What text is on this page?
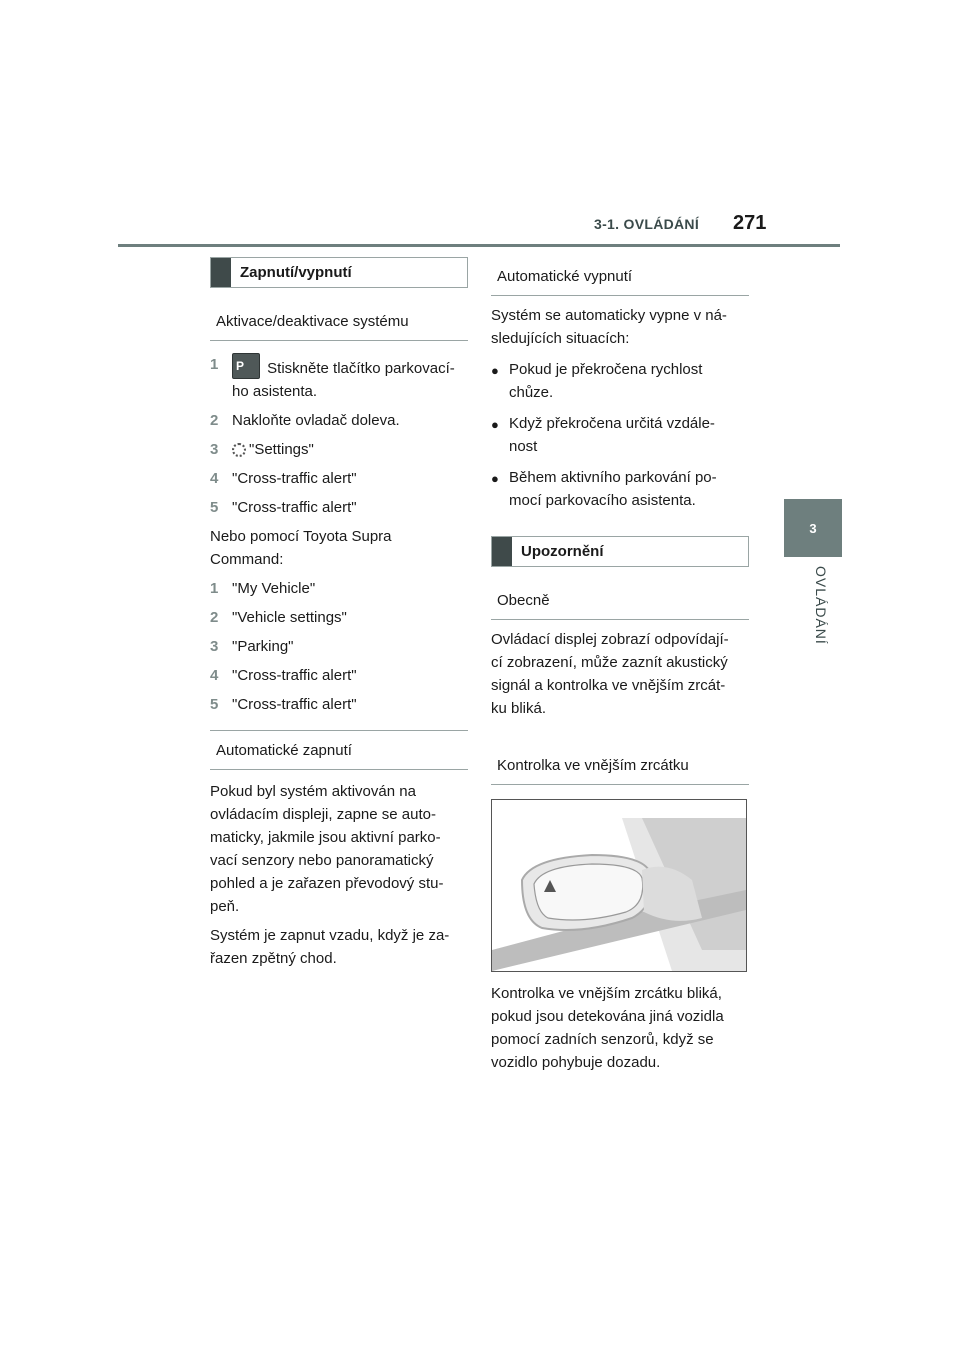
3-1. OVLÁDÁNÍ 271
3
OVLÁDÁNÍ
Zapnutí/vypnutí
Aktivace/deaktivace systému
1	P Stiskněte tlačítko parkovací-
ho asistenta.
2 Nakloňte ovladač doleva.
3	"Settings"
4 "Cross-traffic alert"
5 "Cross-traffic alert"

Nebo pomocí Toyota Supra
Command:

1 "My Vehicle"
2 "Vehicle settings"
3 "Parking"
4 "Cross-traffic alert"
5 "Cross-traffic alert"
Automatické zapnutí

Pokud byl systém aktivován na
ovládacím displeji, zapne se auto-
maticky, jakmile jsou aktivní parko-
vací senzory nebo panoramatický
pohled a je zařazen převodový stu-
peň.

Systém je zapnut vzadu, když je za-
řazen zpětný chod.

Automatické vypnutí

Systém se automaticky vypne v ná-
sledujících situacích:

● Pokud je překročena rychlost
chůze.
● Když překročena určitá vzdále-
nost
● Během aktivního parkování po-
mocí parkovacího asistenta.
Upozornění
Obecně

Ovládací displej zobrazí odpovídají-
cí zobrazení, může zaznít akustický
signál a kontrolka ve vnějším zrcát-
ku bliká.

Kontrolka ve vnějším zrcátku

Kontrolka ve vnějším zrcátku bliká,
pokud jsou detekována jiná vozidla
pomocí zadních senzorů, když se
vozidlo pohybuje dozadu.
